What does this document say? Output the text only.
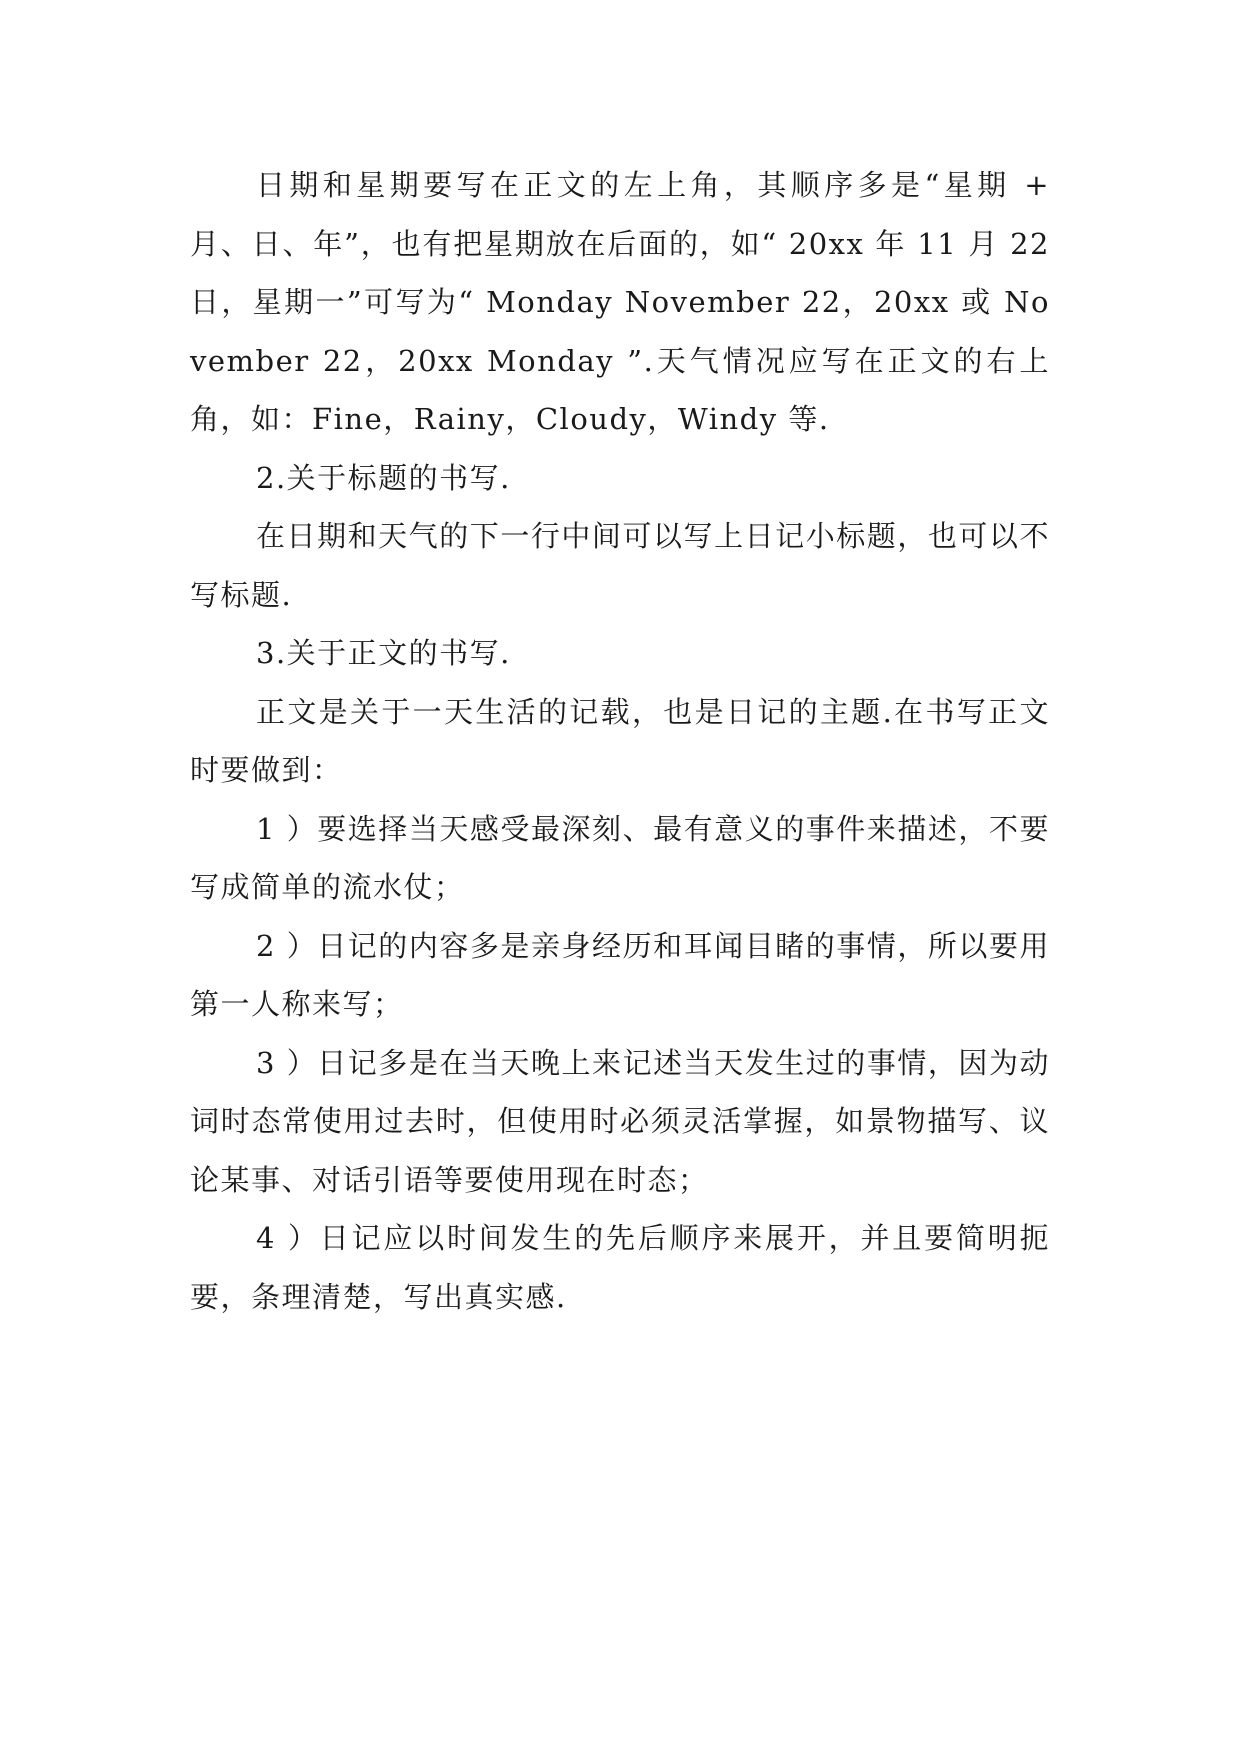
日期和星期要写在正文的左上角，其顺序多是“星期 + 月、日、年”，也有把星期放在后面的，如“ 20xx 年 11 月 22 日，星期一”可写为“ Monday November 22，20xx 或 November 22，20xx Monday ”.天气情况应写在正文的右上角，如：Fine，Rainy，Cloudy，Windy 等.

2.关于标题的书写.

在日期和天气的下一行中间可以写上日记小标题，也可以不写标题.

3.关于正文的书写.

正文是关于一天生活的记载，也是日记的主题.在书写正文时要做到：

1 ）要选择当天感受最深刻、最有意义的事件来描述，不要写成简单的流水仗；

2 ）日记的内容多是亲身经历和耳闻目睹的事情，所以要用第一人称来写；

3 ）日记多是在当天晚上来记述当天发生过的事情，因为动词时态常使用过去时，但使用时必须灵活掌握，如景物描写、议论某事、对话引语等要使用现在时态；

4 ）日记应以时间发生的先后顺序来展开，并且要简明扼要，条理清楚，写出真实感.
